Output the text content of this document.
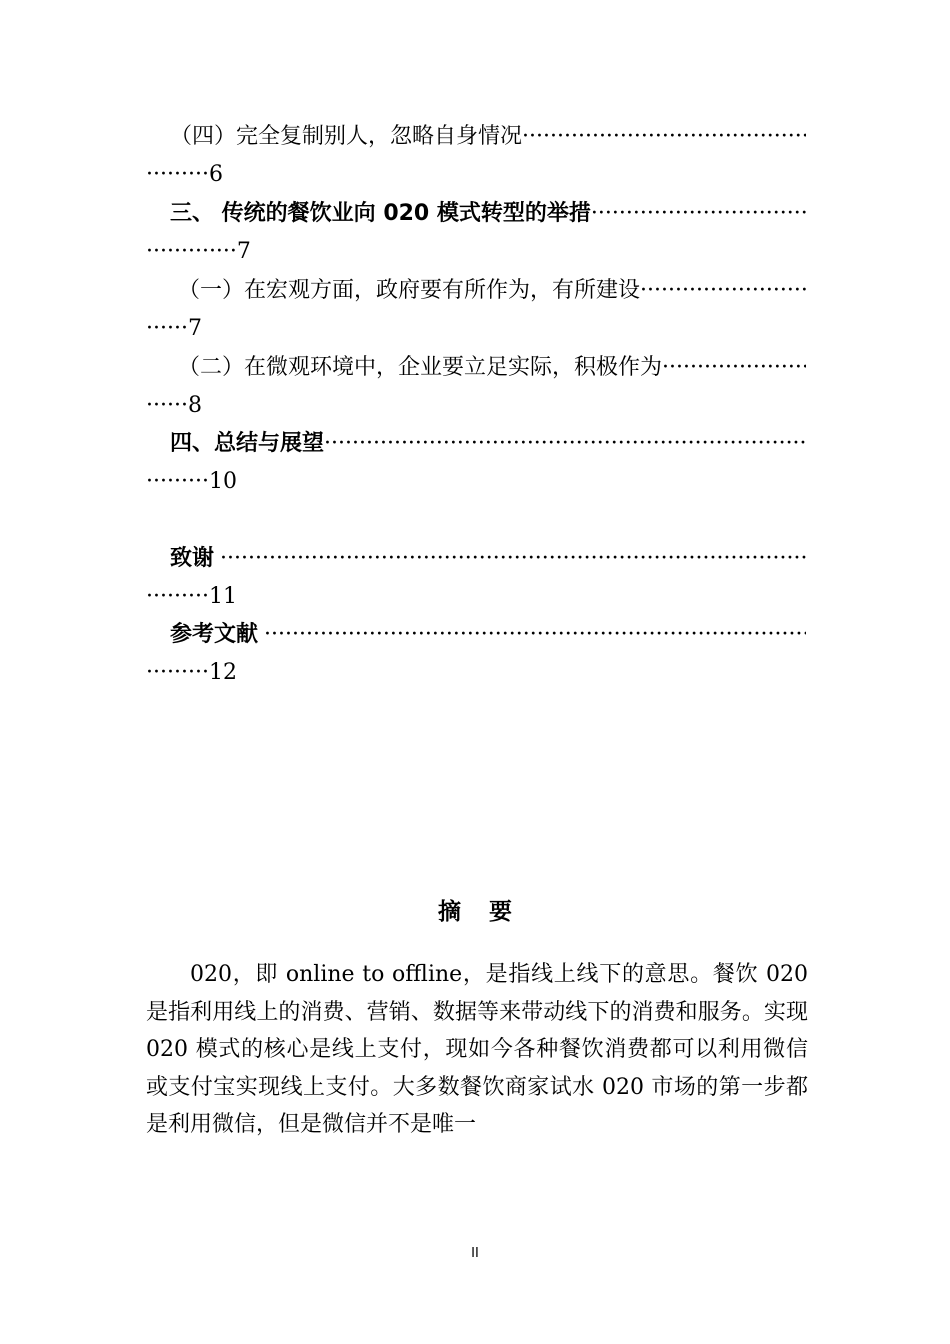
（四）完全复制别人，忽略自身情况
·····
·········6
三、 传统的餐饮业向 020 模式转型的举措
·····
·············7
（一）在宏观方面，政府要有所作为，有所建设
·····
······7
（二）在微观环境中，企业要立足实际，积极作为
·····
······8
四、总结与展望
·····
·········10
致谢
·····
·········11
参考文献
·····
·········12
摘要

020，即 online to offline，是指线上线下的意思。餐饮 020 是指利用线上的消费、营销、数据等来带动线下的消费和服务。实现 020 模式的核心是线上支付，现如今各种餐饮消费都可以利用微信或支付宝实现线上支付。大多数餐饮商家试水 020 市场的第一步都是利用微信，但是微信并不是唯一

II
